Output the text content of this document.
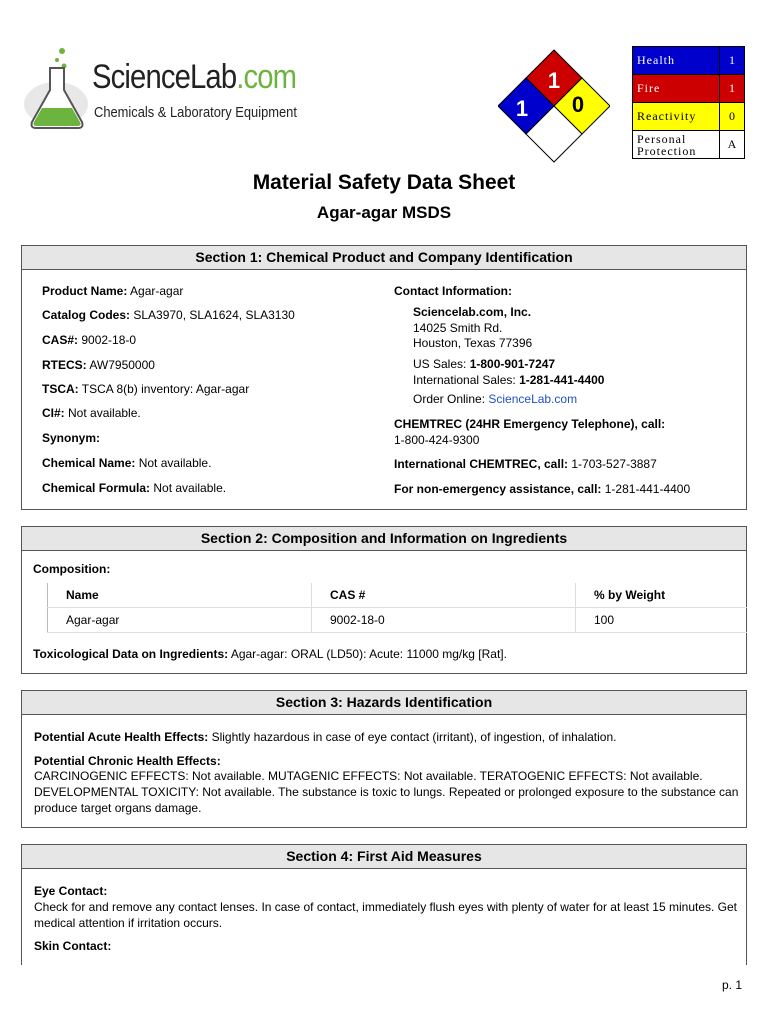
ScienceLab.com
Chemicals & Laboratory Equipment
1
1 0
Health	1
Fire	1
Reactivity	0
Personal Protection	A
Material Safety Data Sheet
Agar-agar MSDS
Section 1: Chemical Product and Company Identification
Product Name: Agar-agar
Catalog Codes: SLA3970, SLA1624, SLA3130
CAS#: 9002-18-0
RTECS: AW7950000
TSCA: TSCA 8(b) inventory: Agar-agar
CI#: Not available.
Synonym:
Chemical Name: Not available.
Chemical Formula: Not available.
Contact Information:
Sciencelab.com, Inc.
14025 Smith Rd.
Houston, Texas 77396
US Sales: 1-800-901-7247
International Sales: 1-281-441-4400
Order Online: ScienceLab.com
CHEMTREC (24HR Emergency Telephone), call:
1-800-424-9300
International CHEMTREC, call: 1-703-527-3887
For non-emergency assistance, call: 1-281-441-4400
Section 2: Composition and Information on Ingredients
Composition:
Name	CAS #	% by Weight
Agar-agar	9002-18-0	100
Toxicological Data on Ingredients: Agar-agar: ORAL (LD50): Acute: 11000 mg/kg [Rat].
Section 3: Hazards Identification
Potential Acute Health Effects: Slightly hazardous in case of eye contact (irritant), of ingestion, of inhalation.
Potential Chronic Health Effects:
CARCINOGENIC EFFECTS: Not available. MUTAGENIC EFFECTS: Not available. TERATOGENIC EFFECTS: Not available. DEVELOPMENTAL TOXICITY: Not available. The substance is toxic to lungs. Repeated or prolonged exposure to the substance can produce target organs damage.
Section 4: First Aid Measures
Eye Contact:
Check for and remove any contact lenses. In case of contact, immediately flush eyes with plenty of water for at least 15 minutes. Get medical attention if irritation occurs.
Skin Contact:
p. 1
